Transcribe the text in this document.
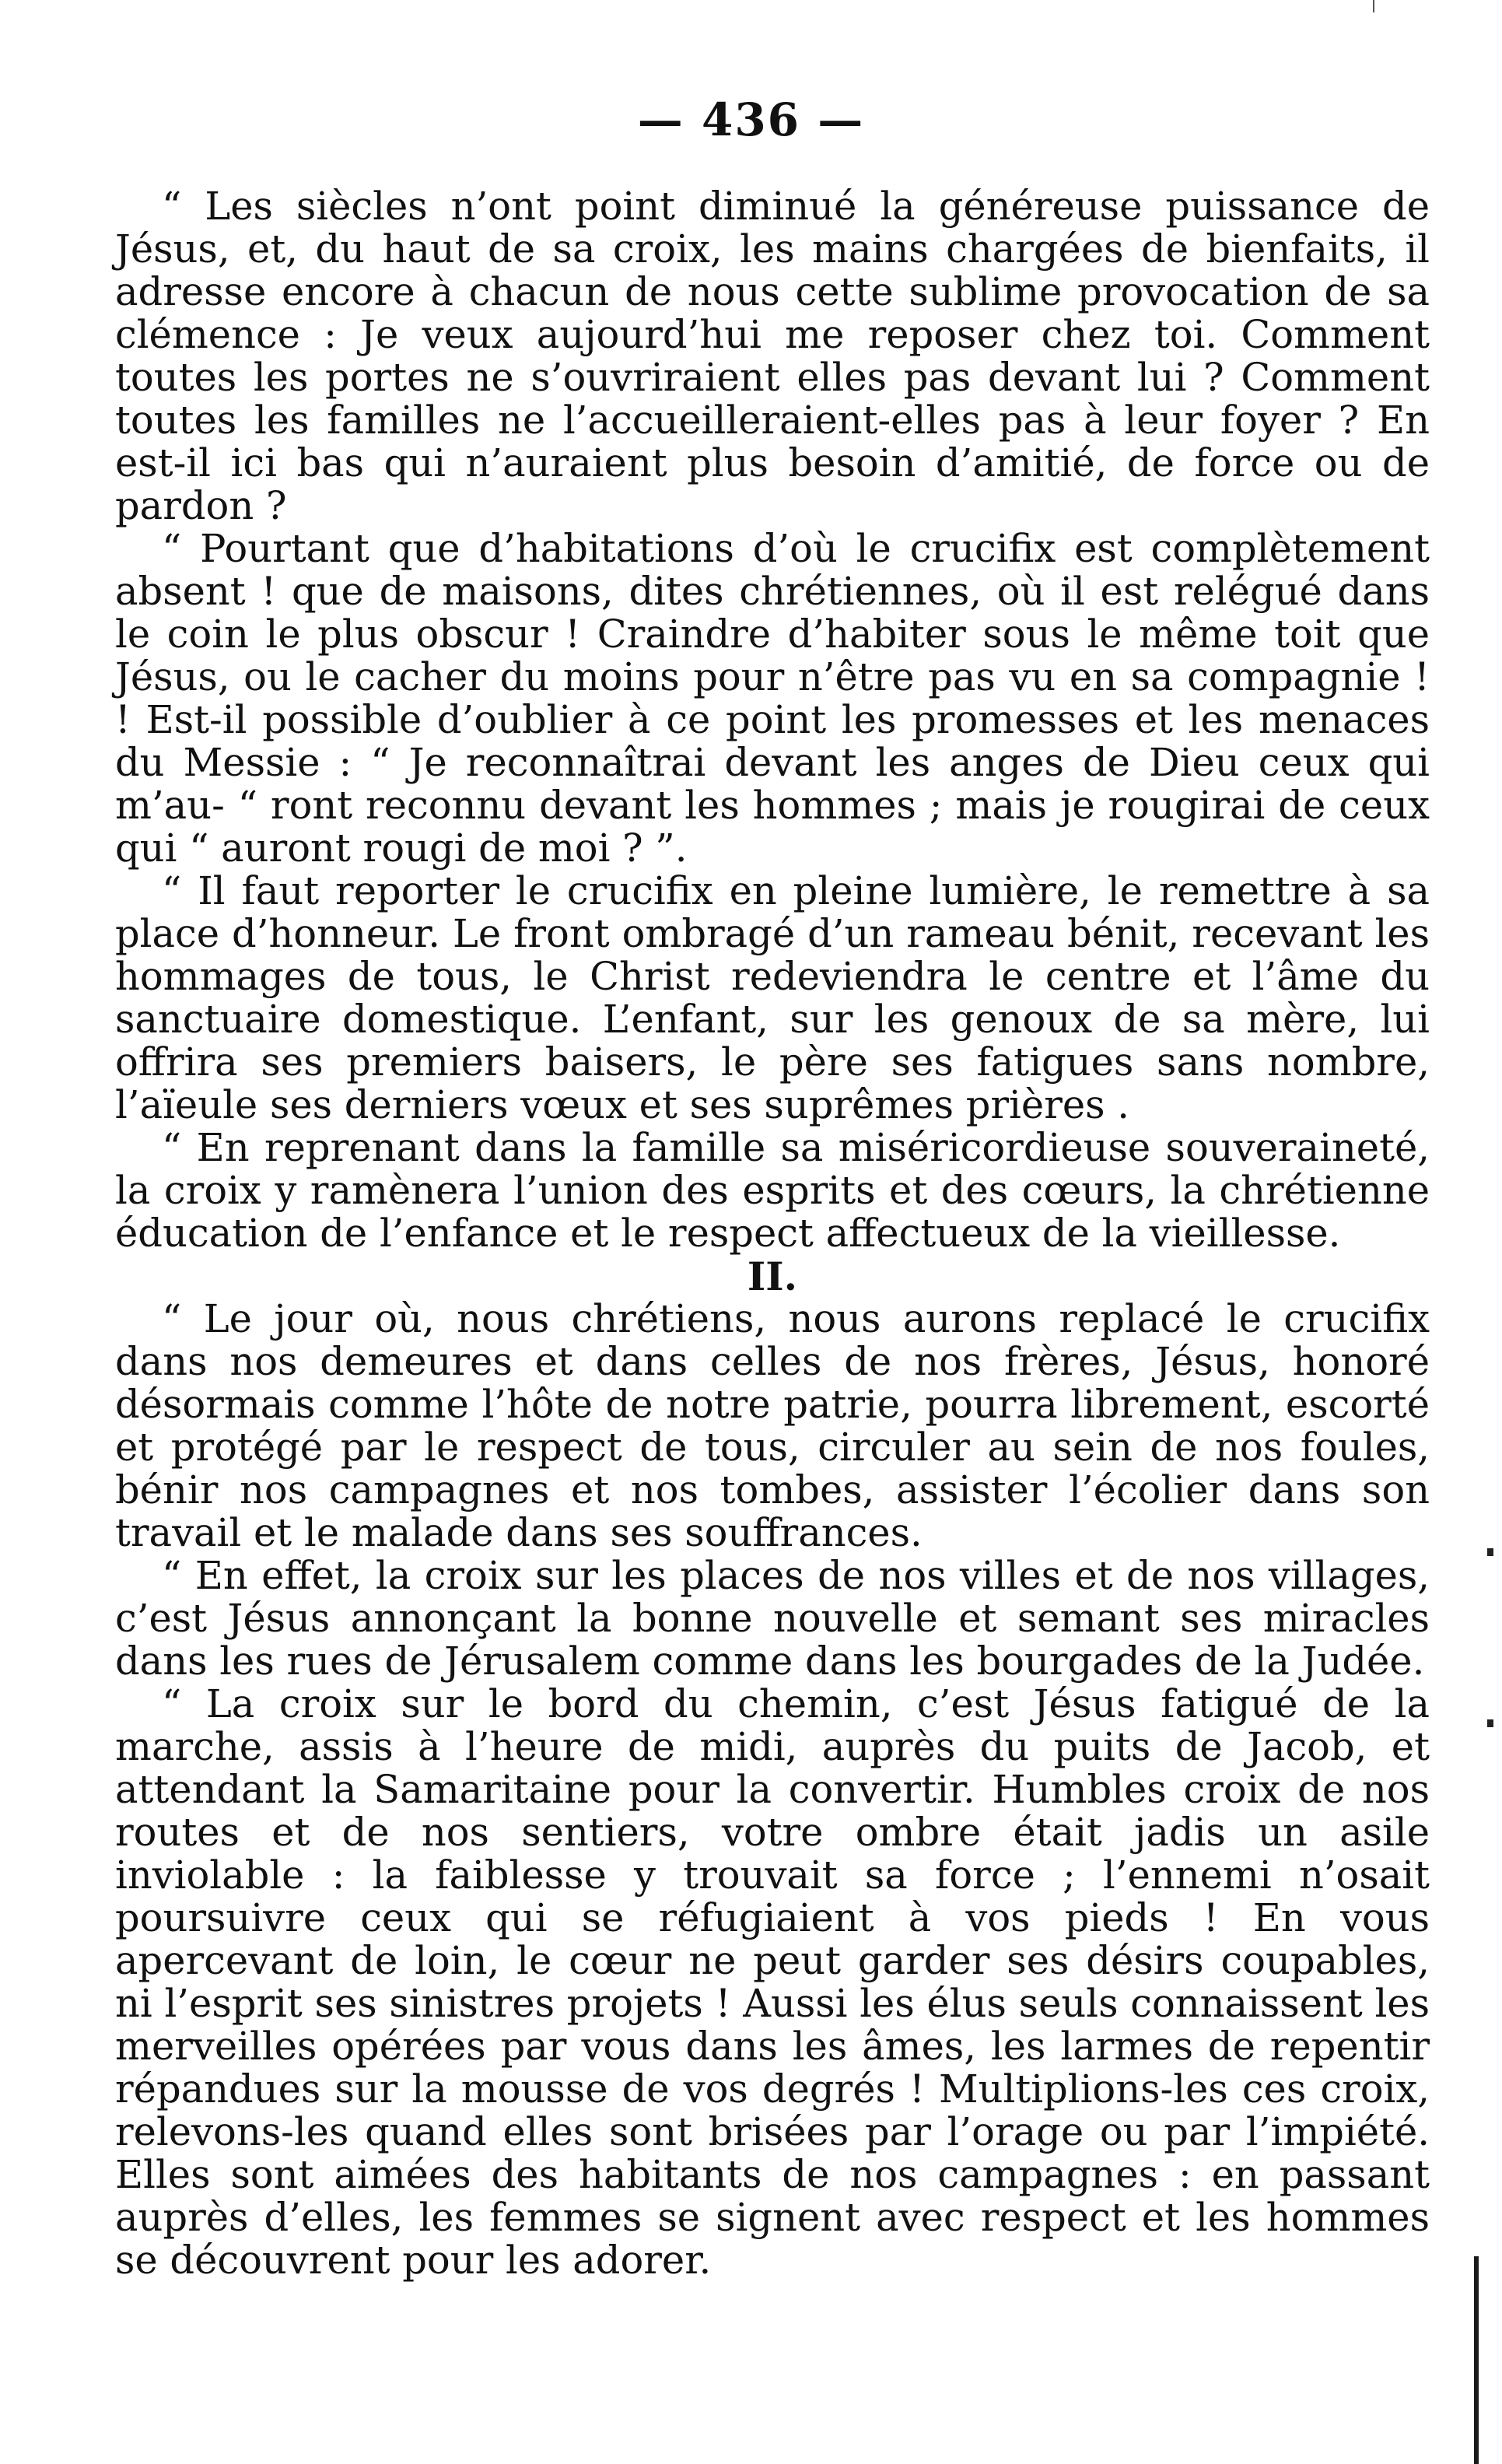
— 436 —

“ Les siècles n’ont point diminué la généreuse puissance de Jésus, et, du haut de sa croix, les mains chargées de bienfaits, il adresse encore à chacun de nous cette sublime provocation de sa clémence : Je veux aujourd’hui me reposer chez toi. Comment toutes les portes ne s’ouvriraient elles pas devant lui ? Comment toutes les familles ne l’accueilleraient-elles pas à leur foyer ? En est-il ici bas qui n’auraient plus besoin d’amitié, de force ou de pardon ?

“ Pourtant que d’habitations d’où le crucifix est complètement absent ! que de maisons, dites chrétiennes, où il est relégué dans le coin le plus obscur ! Craindre d’habiter sous le même toit que Jésus, ou le cacher du moins pour n’être pas vu en sa compagnie ! ! Est-il possible d’oublier à ce point les promesses et les menaces du Messie : “ Je reconnaîtrai devant les anges de Dieu ceux qui m’au- “ ront reconnu devant les hommes ; mais je rougirai de ceux qui “ auront rougi de moi ? ”.

“ Il faut reporter le crucifix en pleine lumière, le remettre à sa place d’honneur. Le front ombragé d’un rameau bénit, recevant les hommages de tous, le Christ redeviendra le centre et l’âme du sanctuaire domestique. L’enfant, sur les genoux de sa mère, lui offrira ses premiers baisers, le père ses fatigues sans nombre, l’aïeule ses derniers vœux et ses suprêmes prières .

“ En reprenant dans la famille sa miséricordieuse souveraineté, la croix y ramènera l’union des esprits et des cœurs, la chrétienne éducation de l’enfance et le respect affectueux de la vieillesse.

II.

“ Le jour où, nous chrétiens, nous aurons replacé le crucifix dans nos demeures et dans celles de nos frères, Jésus, honoré désormais comme l’hôte de notre patrie, pourra librement, escorté et protégé par le respect de tous, circuler au sein de nos foules, bénir nos campagnes et nos tombes, assister l’écolier dans son travail et le malade dans ses souffrances.

“ En effet, la croix sur les places de nos villes et de nos villages, c’est Jésus annonçant la bonne nouvelle et semant ses miracles dans les rues de Jérusalem comme dans les bourgades de la Judée.

“ La croix sur le bord du chemin, c’est Jésus fatigué de la marche, assis à l’heure de midi, auprès du puits de Jacob, et attendant la Samaritaine pour la convertir. Humbles croix de nos routes et de nos sentiers, votre ombre était jadis un asile inviolable : la faiblesse y trouvait sa force ; l’ennemi n’osait poursuivre ceux qui se réfugiaient à vos pieds ! En vous apercevant de loin, le cœur ne peut garder ses désirs coupables, ni l’esprit ses sinistres projets ! Aussi les élus seuls connaissent les merveilles opérées par vous dans les âmes, les larmes de repentir répandues sur la mousse de vos degrés ! Multiplions-les ces croix, relevons-les quand elles sont brisées par l’orage ou par l’impiété. Elles sont aimées des habitants de nos campagnes : en passant auprès d’elles, les femmes se signent avec respect et les hommes se découvrent pour les adorer.
